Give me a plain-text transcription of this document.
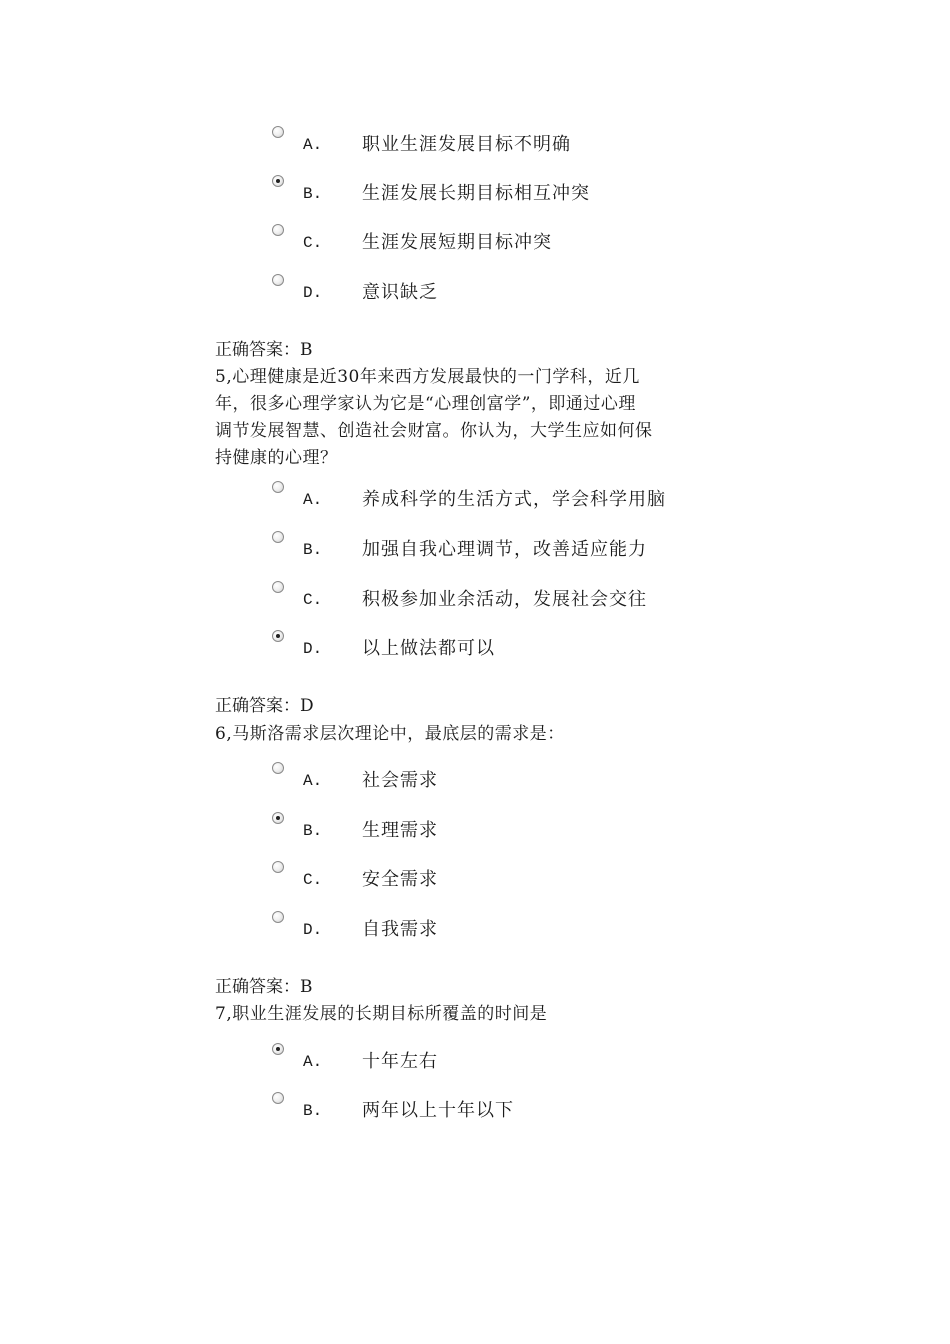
A. 职业生涯发展目标不明确
B. 生涯发展长期目标相互冲突
C. 生涯发展短期目标冲突
D. 意识缺乏
正确答案：B
5,心理健康是近30年来西方发展最快的一门学科，近几
年，很多心理学家认为它是“心理创富学”，即通过心理
调节发展智慧、创造社会财富。你认为，大学生应如何保
持健康的心理？
A. 养成科学的生活方式，学会科学用脑
B. 加强自我心理调节，改善适应能力
C. 积极参加业余活动，发展社会交往
D. 以上做法都可以
正确答案：D
6,马斯洛需求层次理论中，最底层的需求是：
A. 社会需求
B. 生理需求
C. 安全需求
D. 自我需求
正确答案：B
7,职业生涯发展的长期目标所覆盖的时间是
A. 十年左右
B. 两年以上十年以下
